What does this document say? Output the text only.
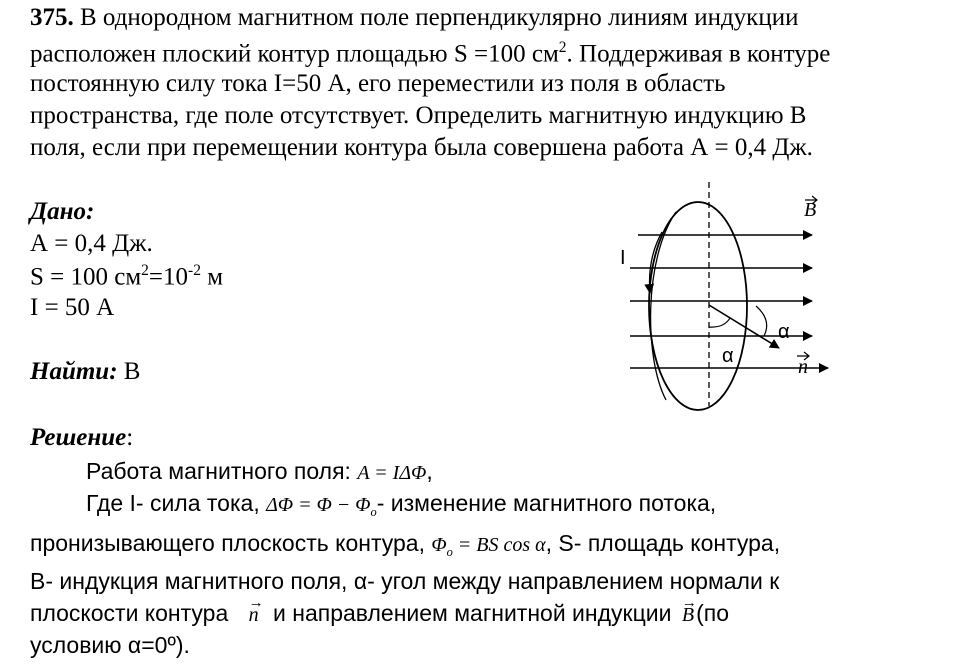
375. В однородном магнитном поле перпендикулярно линиям индукции
расположен плоский контур площадью S =100 $см^2$. Поддерживая в контуре
постоянную силу тока I=50 А, его переместили из поля в область
пространства, где поле отсутствует. Определить магнитную индукцию В
поля, если при перемещении контура была совершена работа А = 0,4 Дж.
Дано:
А = 0,4 Дж.
S = 100 $см^2=10^{-2}$ м
I = 50 А
Найти: В
Решение:
Работа магнитного поля: A = IΔΦ,
Где I- сила тока, $\Delta\Phi = \Phi - \Phi_o-$ изменение магнитного потока,
пронизывающего плоскость контура, $\Phi_o$ = BS cos α, S- площадь контура,
В- индукция магнитного поля, α- угол между направлением нормали к
плоскости контура → n и направлением магнитной индукции → B(по
условию α=0º).
B
I
α
α	n
